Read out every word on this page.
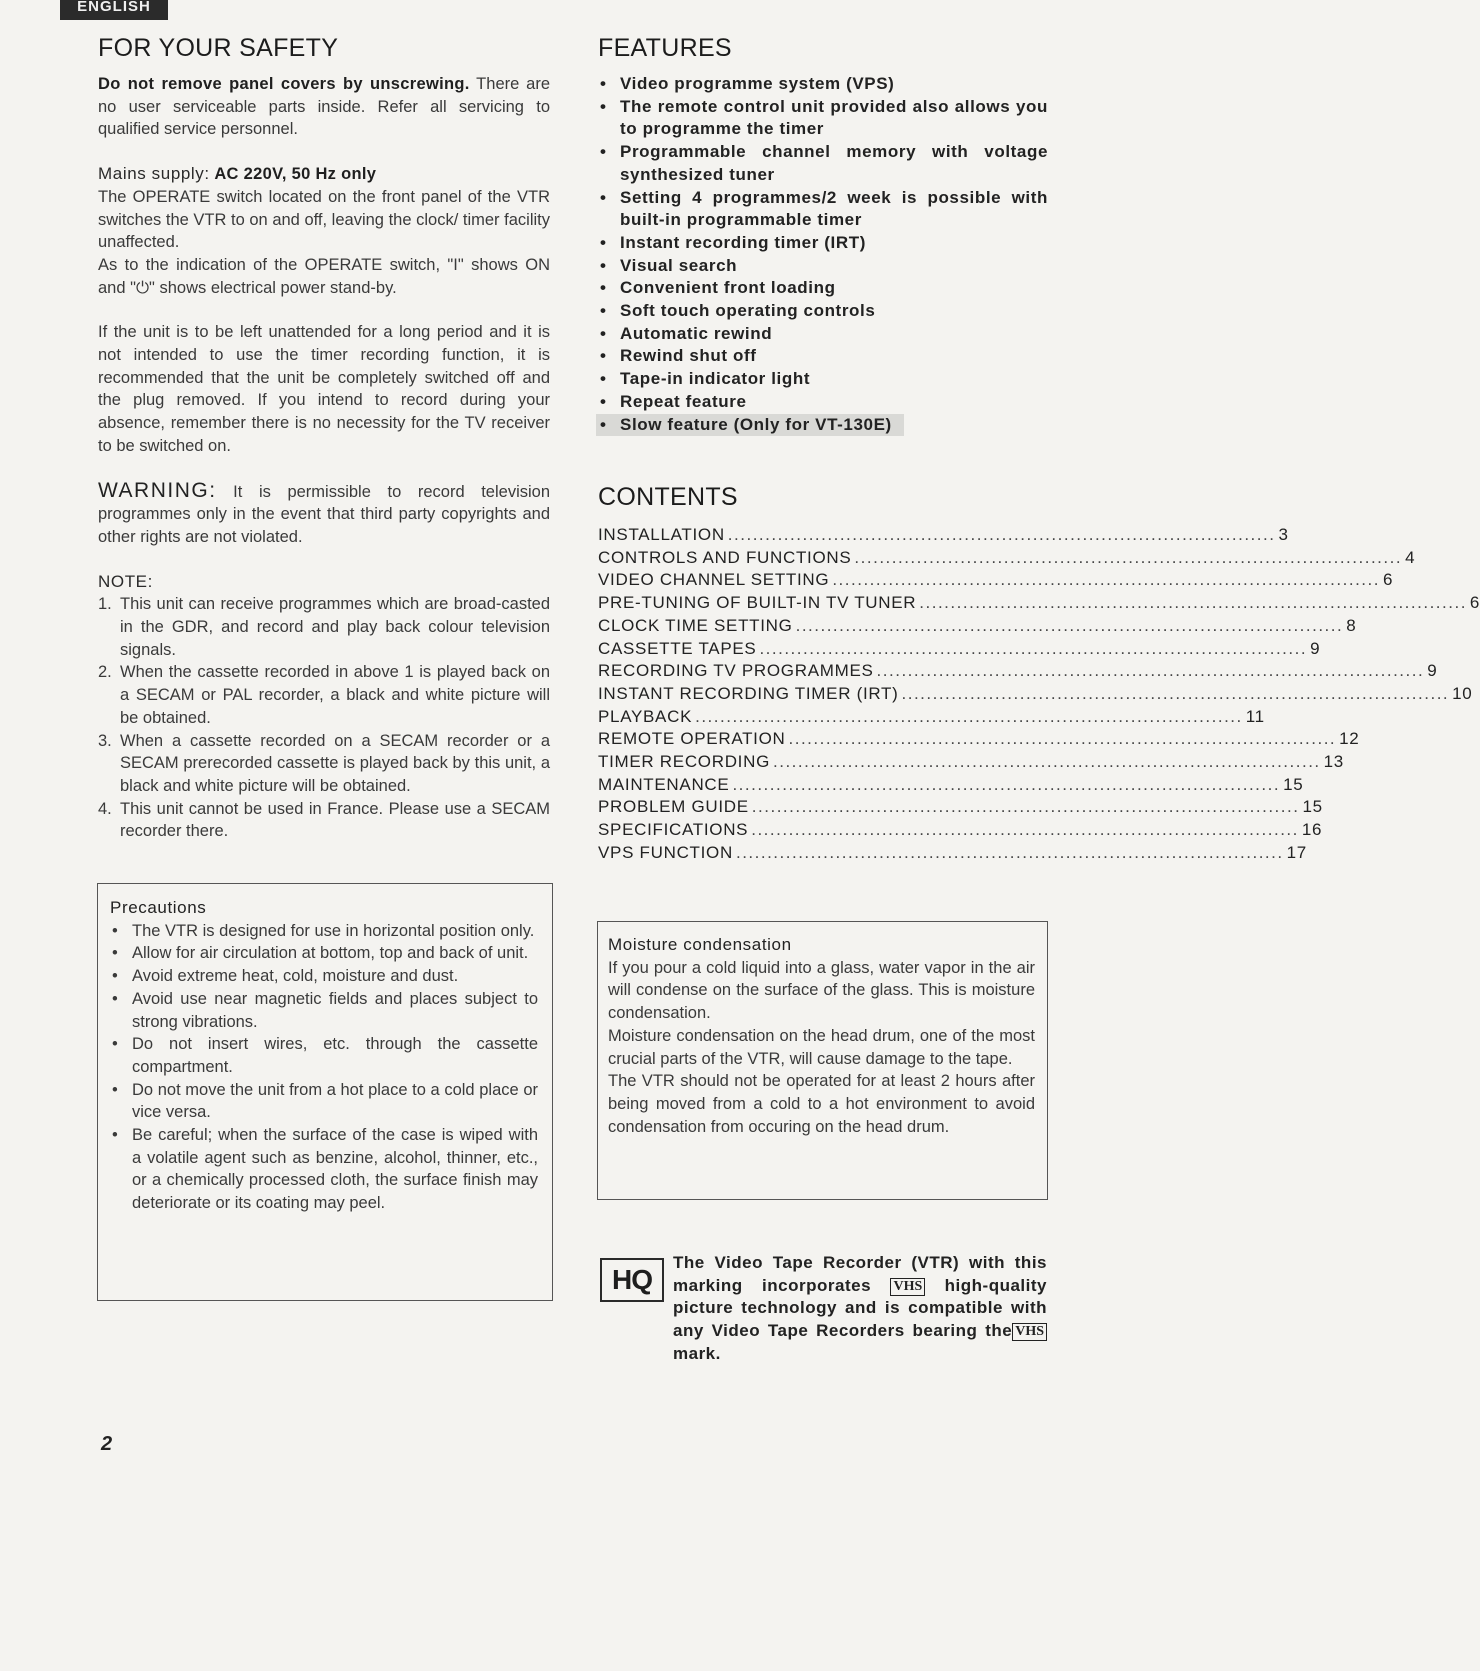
ENGLISH
FOR YOUR SAFETY

Do not remove panel covers by unscrewing. There are no user serviceable parts inside. Refer all servicing to qualified service personnel.

Mains supply: AC 220V, 50 Hz only

The OPERATE switch located on the front panel of the VTR switches the VTR to on and off, leaving the clock/ timer facility unaffected.

As to the indication of the OPERATE switch, "I" shows ON and "⏻" shows electrical power stand-by.

If the unit is to be left unattended for a long period and it is not intended to use the timer recording function, it is recommended that the unit be completely switched off and the plug removed. If you intend to record during your absence, remember there is no necessity for the TV receiver to be switched on.

WARNING: It is permissible to record television programmes only in the event that third party copyrights and other rights are not violated.

NOTE:

1. This unit can receive programmes which are broad-casted in the GDR, and record and play back colour television signals.
2. When the cassette recorded in above 1 is played back on a SECAM or PAL recorder, a black and white picture will be obtained.
3. When a cassette recorded on a SECAM recorder or a SECAM prerecorded cassette is played back by this unit, a black and white picture will be obtained.
4. This unit cannot be used in France. Please use a SECAM recorder there.

Precautions

• The VTR is designed for use in horizontal position only.
• Allow for air circulation at bottom, top and back of unit.
• Avoid extreme heat, cold, moisture and dust.
• Avoid use near magnetic fields and places subject to strong vibrations.
• Do not insert wires, etc. through the cassette compartment.
• Do not move the unit from a hot place to a cold place or vice versa.
• Be careful; when the surface of the case is wiped with a volatile agent such as benzine, alcohol, thinner, etc., or a chemically processed cloth, the surface finish may deteriorate or its coating may peel.
2
FEATURES
• Video programme system (VPS)
• The remote control unit provided also allows you to programme the timer
• Programmable channel memory with voltage synthesized tuner
• Setting 4 programmes/2 week is possible with built-in programmable timer
• Instant recording timer (IRT)
• Visual search
• Convenient front loading
• Soft touch operating controls
• Automatic rewind
• Rewind shut off
• Tape-in indicator light
• Repeat feature
• Slow feature (Only for VT-130E)
CONTENTS
INSTALLATION ........................................................................................ 3
CONTROLS AND FUNCTIONS ........................................................................................ 4
VIDEO CHANNEL SETTING ........................................................................................ 6
PRE-TUNING OF BUILT-IN TV TUNER ........................................................................................ 6
CLOCK TIME SETTING ........................................................................................ 8
CASSETTE TAPES ........................................................................................ 9
RECORDING TV PROGRAMMES ........................................................................................ 9
INSTANT RECORDING TIMER (IRT) ........................................................................................ 10
PLAYBACK ........................................................................................ 11
REMOTE OPERATION ........................................................................................ 12
TIMER RECORDING ........................................................................................ 13
MAINTENANCE ........................................................................................ 15
PROBLEM GUIDE ........................................................................................ 15
SPECIFICATIONS ........................................................................................ 16
VPS FUNCTION ........................................................................................ 17

Moisture condensation

If you pour a cold liquid into a glass, water vapor in the air will condense on the surface of the glass. This is moisture condensation.

Moisture condensation on the head drum, one of the most crucial parts of the VTR, will cause damage to the tape.

The VTR should not be operated for at least 2 hours after being moved from a cold to a hot environment to avoid condensation from occuring on the head drum.

HQ

The Video Tape Recorder (VTR) with this marking incorporates VHS high-quality picture technology and is compatible with any Video Tape Recorders bearing the VHS mark.
